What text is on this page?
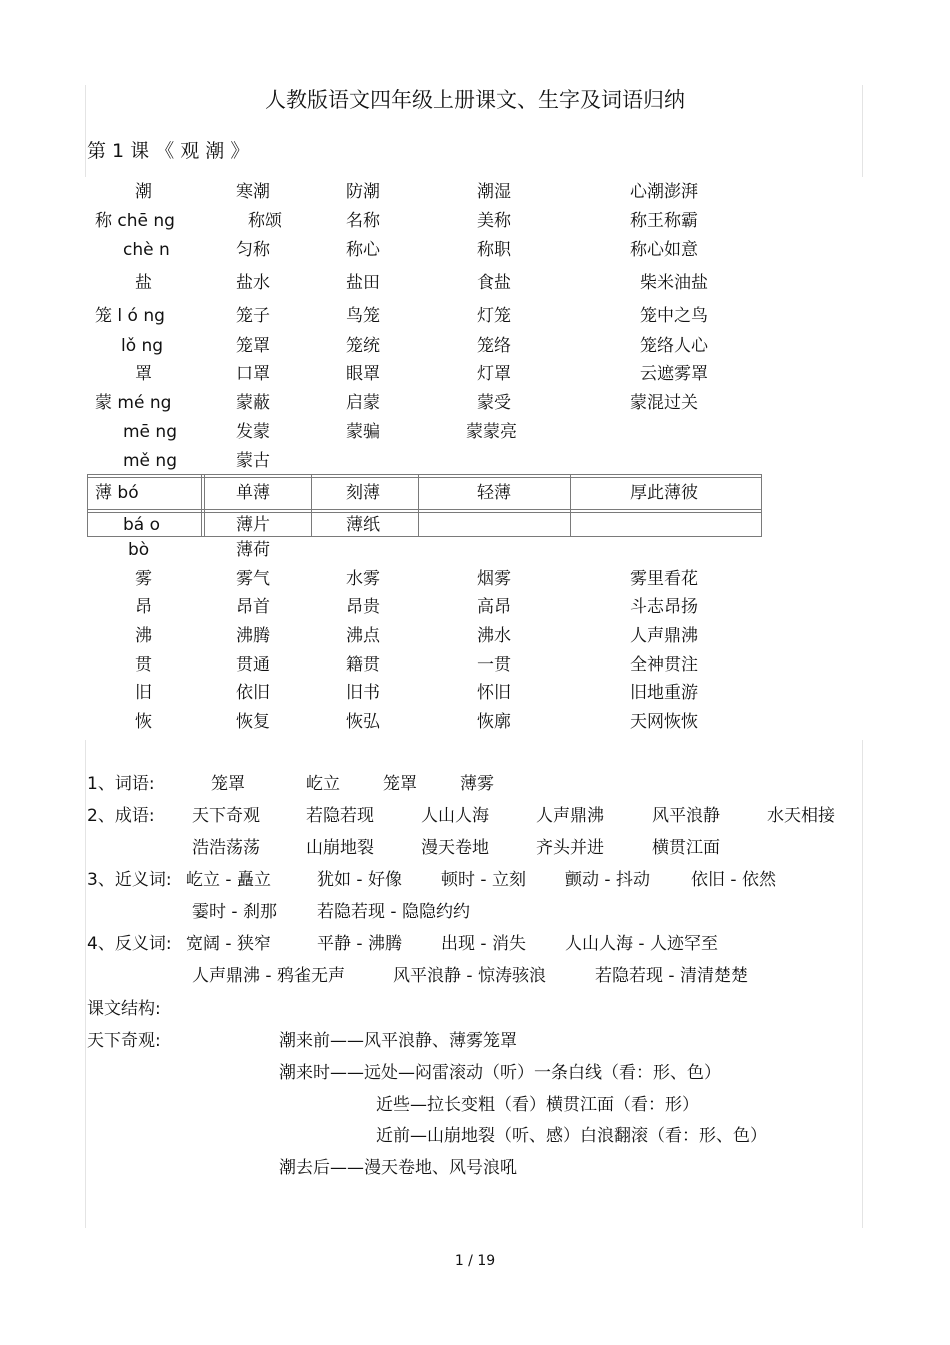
人教版语文四年级上册课文、生字及词语归纳
第 1 课 《 观 潮 》
潮	寒潮	防潮	潮湿	心潮澎湃
称 chē ng	称颂	名称	美称	称王称霸
chè n	匀称	称心	称职	称心如意
盐	盐水	盐田	食盐	柴米油盐
笼 l ó ng	笼子	鸟笼	灯笼	笼中之鸟
lǒ ng	笼罩	笼统	笼络	笼络人心
罩	口罩	眼罩	灯罩	云遮雾罩
蒙 mé ng	蒙蔽	启蒙	蒙受	蒙混过关
mē ng	发蒙	蒙骗	蒙蒙亮
mě ng	蒙古
薄 bó	单薄	刻薄	轻薄	厚此薄彼
bá o	薄片	薄纸
bò	薄荷
雾	雾气	水雾	烟雾	雾里看花
昂	昂首	昂贵	高昂	斗志昂扬
沸	沸腾	沸点	沸水	人声鼎沸
贯	贯通	籍贯	一贯	全神贯注
旧	依旧	旧书	怀旧	旧地重游
恢	恢复	恢弘	恢廓	天网恢恢
1、词语:	笼罩	屹立	笼罩	薄雾
2、成语: 天下奇观	若隐若现	人山人海	人声鼎沸	风平浪静	水天相接
浩浩荡荡	山崩地裂	漫天卷地	齐头并进	横贯江面
3、近义词: 屹立 - 矗立	犹如 - 好像 顿时 - 立刻 颤动 - 抖动 依旧 - 依然
霎时 - 刹那 若隐若现 - 隐隐约约
4、反义词: 宽阔 - 狭窄	平静 - 沸腾 出现 - 消失 人山人海 - 人迹罕至
人声鼎沸 - 鸦雀无声	风平浪静 - 惊涛骇浪	若隐若现 - 清清楚楚
课文结构:
天下奇观:	潮来前——风平浪静、薄雾笼罩
潮来时——远处—闷雷滚动（听）一条白线（看：形、色）
近些—拉长变粗（看）横贯江面（看：形）
近前—山崩地裂（听、感）白浪翻滚（看：形、色）
潮去后——漫天卷地、风号浪吼
1 / 19
